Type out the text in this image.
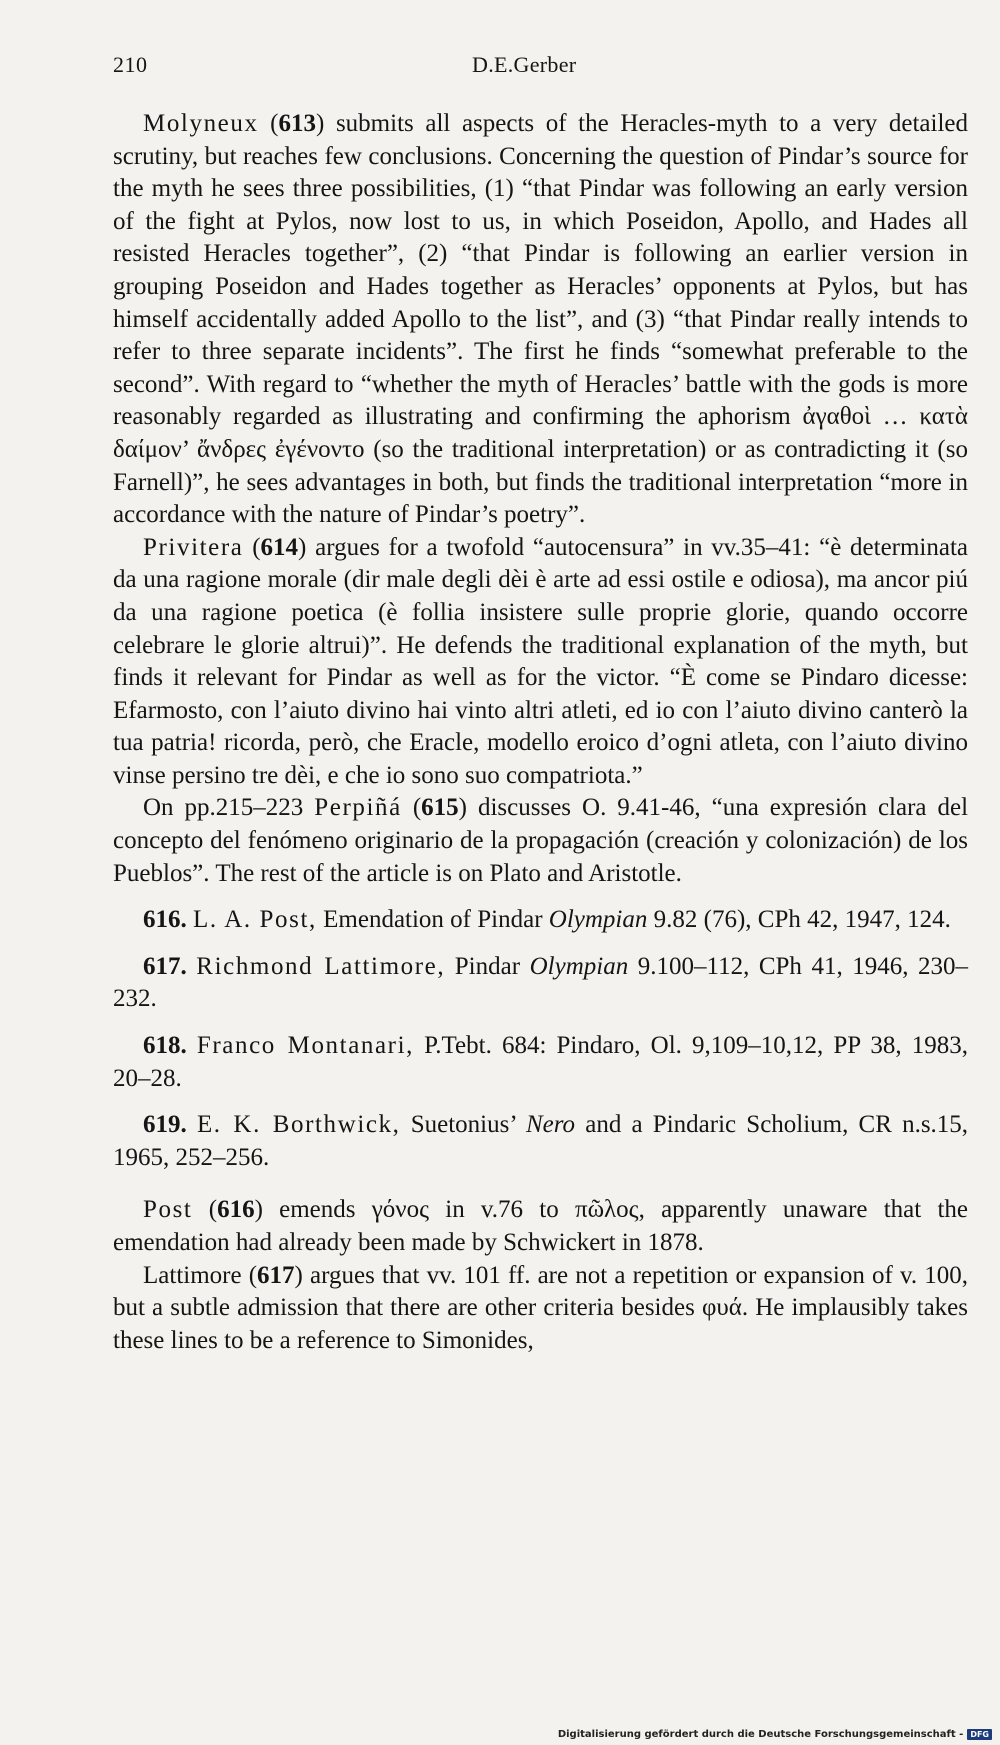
210	D.E.Gerber

Molyneux (613) submits all aspects of the Heracles-myth to a very detailed scrutiny, but reaches few conclusions. Concerning the question of Pindar’s source for the myth he sees three possibilities, (1) “that Pindar was following an early version of the fight at Pylos, now lost to us, in which Poseidon, Apollo, and Hades all resisted Heracles together”, (2) “that Pindar is following an earlier version in grouping Poseidon and Hades together as Heracles’ opponents at Pylos, but has himself accidentally added Apollo to the list”, and (3) “that Pindar really intends to refer to three separate incidents”. The first he finds “somewhat preferable to the second”. With regard to “whether the myth of Heracles’ battle with the gods is more reasonably regarded as illustrating and confirming the aphorism ἀγαθοὶ … κατὰ δαίμον’ ἄνδρες ἐγένοντο (so the traditional interpretation) or as contradicting it (so Farnell)”, he sees advantages in both, but finds the traditional interpretation “more in accordance with the nature of Pindar’s poetry”.

Privitera (614) argues for a twofold “autocensura” in vv.35–41: “è determinata da una ragione morale (dir male degli dèi è arte ad essi ostile e odiosa), ma ancor piú da una ragione poetica (è follia insistere sulle proprie glorie, quando occorre celebrare le glorie altrui)”. He defends the traditional explanation of the myth, but finds it relevant for Pindar as well as for the victor. “È come se Pindaro dicesse: Efarmosto, con l’aiuto divino hai vinto altri atleti, ed io con l’aiuto divino canterò la tua patria! ricorda, però, che Eracle, modello eroico d’ogni atleta, con l’aiuto divino vinse persino tre dèi, e che io sono suo compatriota.”

On pp.215–223 Perpiñá (615) discusses O. 9.41-46, “una expresión clara del concepto del fenómeno originario de la propagación (creación y colonización) de los Pueblos”. The rest of the article is on Plato and Aristotle.

616. L. A. Post, Emendation of Pindar Olympian 9.82 (76), CPh 42, 1947, 124.

617. Richmond Lattimore, Pindar Olympian 9.100–112, CPh 41, 1946, 230–232.

618. Franco Montanari, P.Tebt. 684: Pindaro, Ol. 9,109–10,12, PP 38, 1983, 20–28.

619. E. K. Borthwick, Suetonius’ Nero and a Pindaric Scholium, CR n.s.15, 1965, 252–256.

Post (616) emends γόνος in v.76 to πῶλος, apparently unaware that the emendation had already been made by Schwickert in 1878.

Lattimore (617) argues that vv. 101 ff. are not a repetition or expansion of v. 100, but a subtle admission that there are other criteria besides φυά. He implausibly takes these lines to be a reference to Simonides,

Digitalisierung gefördert durch die Deutsche Forschungsgemeinschaft - DFG
